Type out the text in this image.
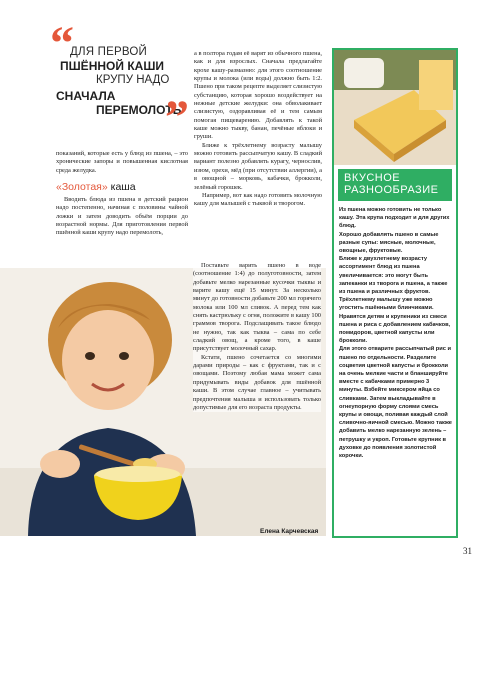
“
ДЛЯ ПЕРВОЙ
ПШЁННОЙ КАШИ
КРУПУ НАДО
СНАЧАЛА
ПЕРЕМОЛОТЬ
”

показаний, которые есть у блюд из пшена, – это хронические запоры и повышенная кислотная среда желудка.

«Золотая» каша

Вводить блюда из пшена в детский рацион надо постепенно, начиная с половины чайной ложки и затем доводить объём порции до возрастной нормы. Для приготовления первой пшённой каши крупу надо перемолоть,

а в полтора годам её варят из обычного пшена, как и для взрослых. Сначала предлагайте крохе кашу-размазню: для этого соотношение крупы и молока (или воды) должно быть 1:2. Пшено при таком рецепте выделяет слизистую субстанцию, которая хорошо воздействует на нежные детские желудки: она обволакивает слизистую, оздоравливая её и тем самым помогая пищеварению. Добавлять к такой каше можно тыкву, банан, печёные яблоки и груши.

Ближе к трёхлетнему возрасту малышу можно готовить рассыпчатую кашу. В сладкий вариант полезно добавлять курагу, чернослив, изюм, орехи, мёд (при отсутствии аллергии), а в овощной – морковь, кабачки, брокколи, зелёный горошек.

Например, вот как надо готовить молочную кашу для малышей с тыквой и творогом.

Поставьте варить пшено в воде (соотношение 1:4) до полуготовности, затем добавьте мелко нарезанные кусочки тыквы и варите кашу ещё 15 минут. За несколько минут до готовности добавьте 200 мл горячего молока или 100 мл сливок. А перед тем как снять кастрюльку с огня, положите в кашу 100 граммов творога. Подслащивать такое блюдо не нужно, так как тыква – сама по себе сладкий овощ, а кроме того, в каше присутствует молочный сахар.

Кстати, пшено сочетается со многими дарами природы – как с фруктами, так и с овощами. Поэтому любая мама может сама придумывать виды добавок для пшённой каши. В этом случае главное – учитывать предпочтения малыша и использовать только допустимые для его возраста продукты.

ВКУСНОЕ
РАЗНООБРАЗИЕ

Из пшена можно готовить не только кашу. Эта крупа подходит и для других блюд.

Хорошо добавлять пшено в самые разные супы: мясные, молочные, овощные, фруктовые.

Ближе к двухлетнему возрасту ассортимент блюд из пшена увеличивается: это могут быть запеканки из творога и пшена, а также из пшена и различных фруктов. Трёхлетнему малышу уже можно угостить пшёнными блинчиками.

Нравятся детям и крупеники из смеси пшена и риса с добавлением кабачков, помидоров, цветной капусты или брокколи.

Для этого отварите рассыпчатый рис и пшено по отдельности. Разделите соцветия цветной капусты и брокколи на очень мелкие части и бланшируйте вместе с кабачками примерно 3 минуты. Взбейте миксером яйца со сливками. Затем выкладывайте в огнеупорную форму слоями смесь крупы и овощи, поливая каждый слой сливочно-яичной смесью. Можно также добавить мелко нарезанную зелень – петрушку и укроп. Готовьте крупник в духовке до появления золотистой корочки.

Елена Карчевская
31
